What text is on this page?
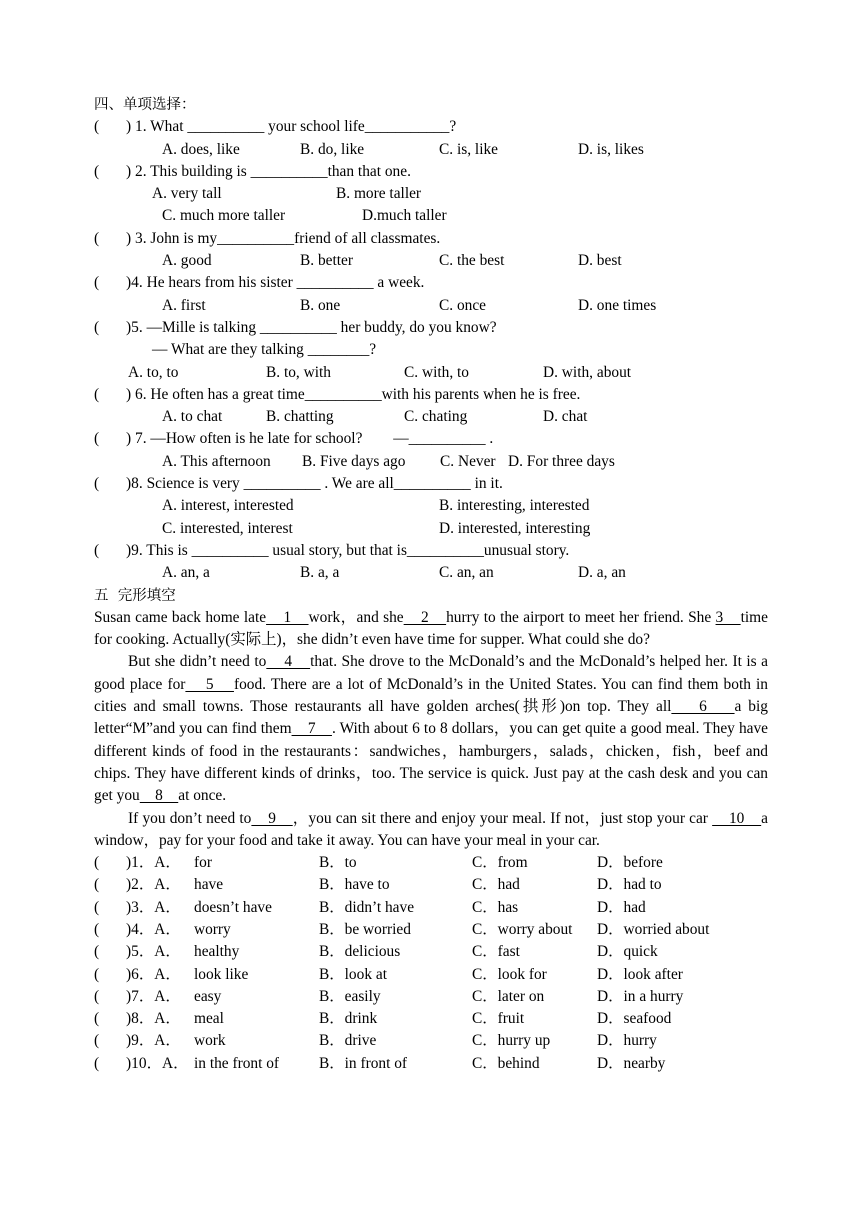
四、单项选择：
(       ) 1. What __________ your school life___________?

A. does, like

	B. do, like

	C. is, like

	D. is, likes

(       ) 2. This building is __________than that one.

A. very tall

	B. more taller

C. much more taller

	D.much taller

(       ) 3. John is my__________friend of all classmates.

A. good

	B. better

	C. the best

	D. best

(       )4. He hears from his sister __________ a week.

A. first

	B. one

	C. once

	D. one times

(       )5. —Mille is talking __________ her buddy, do you know?

— What are they talking ________?

A. to, to

	B. to, with

	C. with, to

	D. with, about

(       ) 6. He often has a great time__________with his parents when he is free.

A. to chat

	B. chatting

	C. chating

	D. chat

(       ) 7. —How often is he late for school?        —__________ .

A. This afternoon

B. Five days ago

C. Never

D. For three days

(       )8. Science is very __________ . We are all__________ in it.

A. interest, interested

	B. interesting, interested

C. interested, interest

	D. interested, interesting

(       )9. This is __________ usual story, but that is__________unusual story.

A. an, a

	B. a, a

	C. an, an

	D. a, an

五  完形填空
Susan came back home late    1    work，and she    2    hurry to the airport to meet her friend. She 3    time for cooking. Actually(实际上)，she didn’t even have time for supper. What could she do?
But she didn’t need to    4    that. She drove to the McDonald’s and the McDonald’s helped her. It is a good place for    5    food. There are a lot of McDonald’s in the United States. You can find them both in cities and small towns. Those restaurants all have golden arches(拱形)on top. They all    6    a big letter“M”and you can find them    7    . With about 6 to 8 dollars，you can get quite a good meal. They have different kinds of food in the restaurants：sandwiches，hamburgers，salads，chicken，fish，beef and chips. They have different kinds of drinks，too. The service is quick. Just pay at the cash desk and you can get you    8    at once.
If you don’t need to    9    ，you can sit there and enjoy your meal. If not，just stop your car     10    a window，pay for your food and take it away. You can have your meal in your car.
(       )1．A． for	B．to	C．from	D．before
(       )2．A． have	B．have to	C．had	D．had to
(       )3．A． doesn’t have	B．didn’t have	C．has	D．had
(       )4．A． worry	B．be worried	C．worry about D．worried about
(       )5．A． healthy	B．delicious	C．fast	D．quick
(       )6．A． look like	B．look at	C．look for	D．look after
(       )7．A． easy	B．easily	C．later on	D．in a hurry
(       )8．A． meal	B．drink	C．fruit	D．seafood
(       )9．A． work	B．drive	C．hurry up	D．hurry
(       )10．A． in the front of	B．in front of	C．behind	D．nearby
